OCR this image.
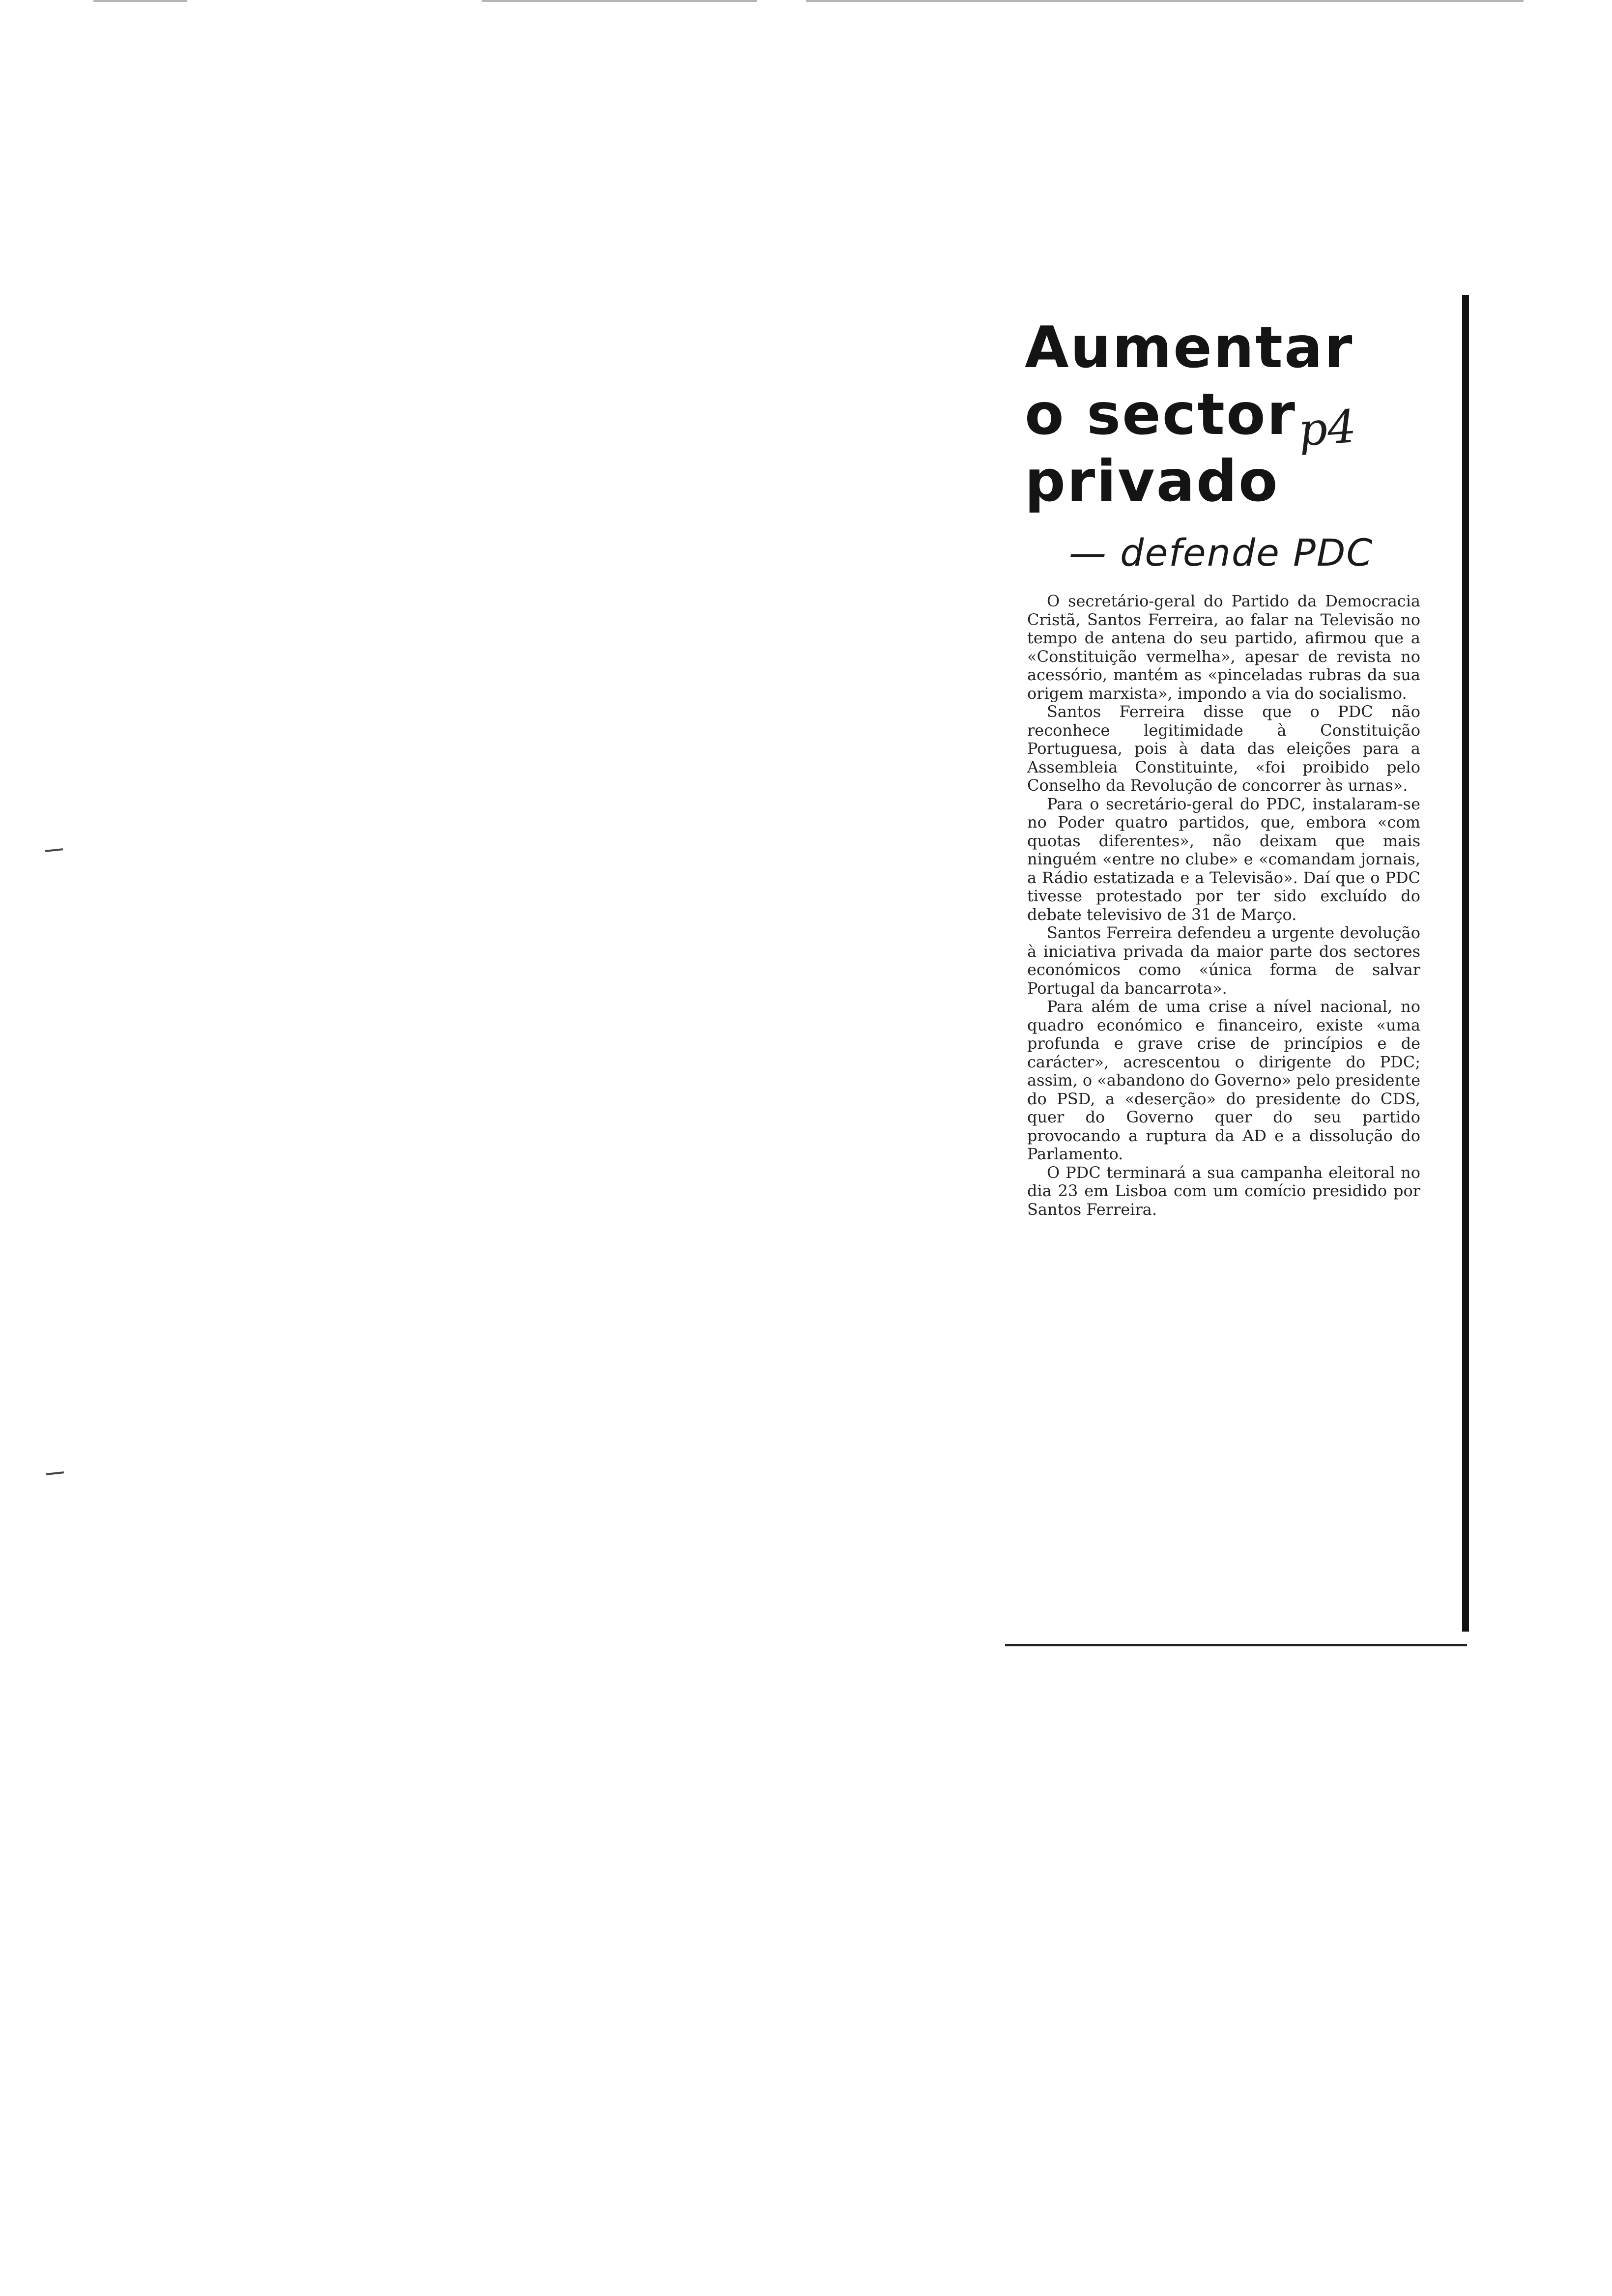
Aumentar
o sector
privado
p4
— defende PDC

O secretário-geral do Partido da Democracia Cristã, Santos Ferreira, ao falar na Televisão no tempo de antena do seu partido, afirmou que a «Constituição vermelha», apesar de revista no acessório, mantém as «pinceladas rubras da sua origem marxista», impondo a via do socialismo.

Santos Ferreira disse que o PDC não reconhece legitimidade à Constituição Portuguesa, pois à data das eleições para a Assembleia Constituinte, «foi proibido pelo Conselho da Revolução de concorrer às urnas».

Para o secretário-geral do PDC, instalaram-se no Poder quatro partidos, que, embora «com quotas diferentes», não deixam que mais ninguém «entre no clube» e «comandam jornais, a Rádio estatizada e a Televisão». Daí que o PDC tivesse protestado por ter sido excluído do debate televisivo de 31 de Março.

Santos Ferreira defendeu a urgente devolução à iniciativa privada da maior parte dos sectores económicos como «única forma de salvar Portugal da bancarrota».

Para além de uma crise a nível nacional, no quadro económico e financeiro, existe «uma profunda e grave crise de princípios e de carácter», acrescentou o dirigente do PDC; assim, o «abandono do Governo» pelo presidente do PSD, a «deserção» do presidente do CDS, quer do Governo quer do seu partido provocando a ruptura da AD e a dissolução do Parlamento.

O PDC terminará a sua campanha eleitoral no dia 23 em Lisboa com um comício presidido por Santos Ferreira.
